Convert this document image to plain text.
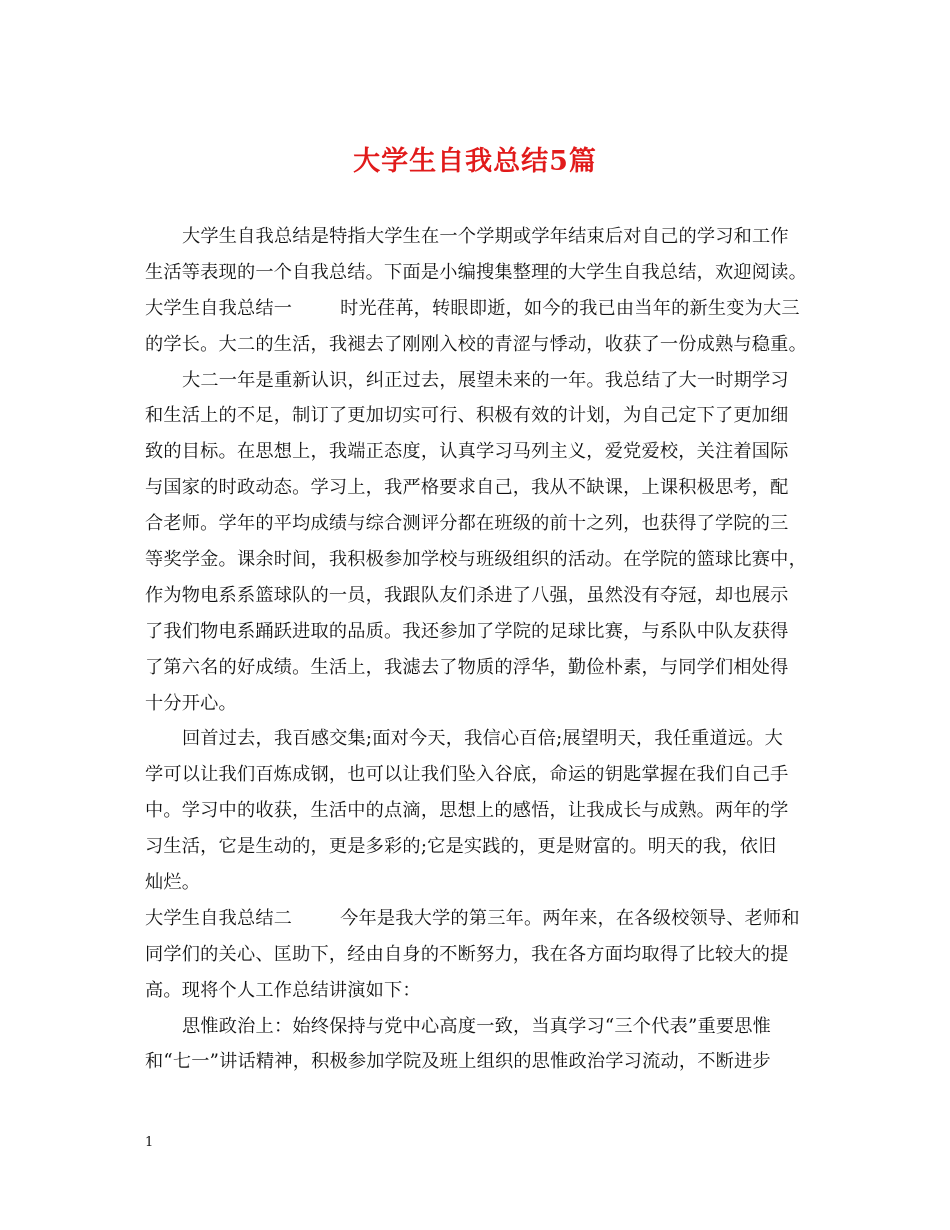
大学生自我总结5篇
大学生自我总结是特指大学生在一个学期或学年结束后对自己的学习和工作
生活等表现的一个自我总结。下面是小编搜集整理的大学生自我总结，欢迎阅读。
大学生自我总结一	时光荏苒，转眼即逝，如今的我已由当年的新生变为大三
的学长。大二的生活，我褪去了刚刚入校的青涩与悸动，收获了一份成熟与稳重。
大二一年是重新认识，纠正过去，展望未来的一年。我总结了大一时期学习
和生活上的不足，制订了更加切实可行、积极有效的计划，为自己定下了更加细
致的目标。在思想上，我端正态度，认真学习马列主义，爱党爱校，关注着国际
与国家的时政动态。学习上，我严格要求自己，我从不缺课，上课积极思考，配
合老师。学年的平均成绩与综合测评分都在班级的前十之列，也获得了学院的三
等奖学金。课余时间，我积极参加学校与班级组织的活动。在学院的篮球比赛中，
作为物电系系篮球队的一员，我跟队友们杀进了八强，虽然没有夺冠，却也展示
了我们物电系踊跃进取的品质。我还参加了学院的足球比赛，与系队中队友获得
了第六名的好成绩。生活上，我滤去了物质的浮华，勤俭朴素，与同学们相处得
十分开心。
回首过去，我百感交集;面对今天，我信心百倍;展望明天，我任重道远。大
学可以让我们百炼成钢，也可以让我们坠入谷底，命运的钥匙掌握在我们自己手
中。学习中的收获，生活中的点滴，思想上的感悟，让我成长与成熟。两年的学
习生活，它是生动的，更是多彩的;它是实践的，更是财富的。明天的我，依旧
灿烂。
大学生自我总结二	今年是我大学的第三年。两年来，在各级校领导、老师和
同学们的关心、匡助下，经由自身的不断努力，我在各方面均取得了比较大的提
高。现将个人工作总结讲演如下：
思惟政治上：始终保持与党中心高度一致，当真学习“三个代表”重要思惟
和“七一”讲话精神，积极参加学院及班上组织的思惟政治学习流动，不断进步
1
